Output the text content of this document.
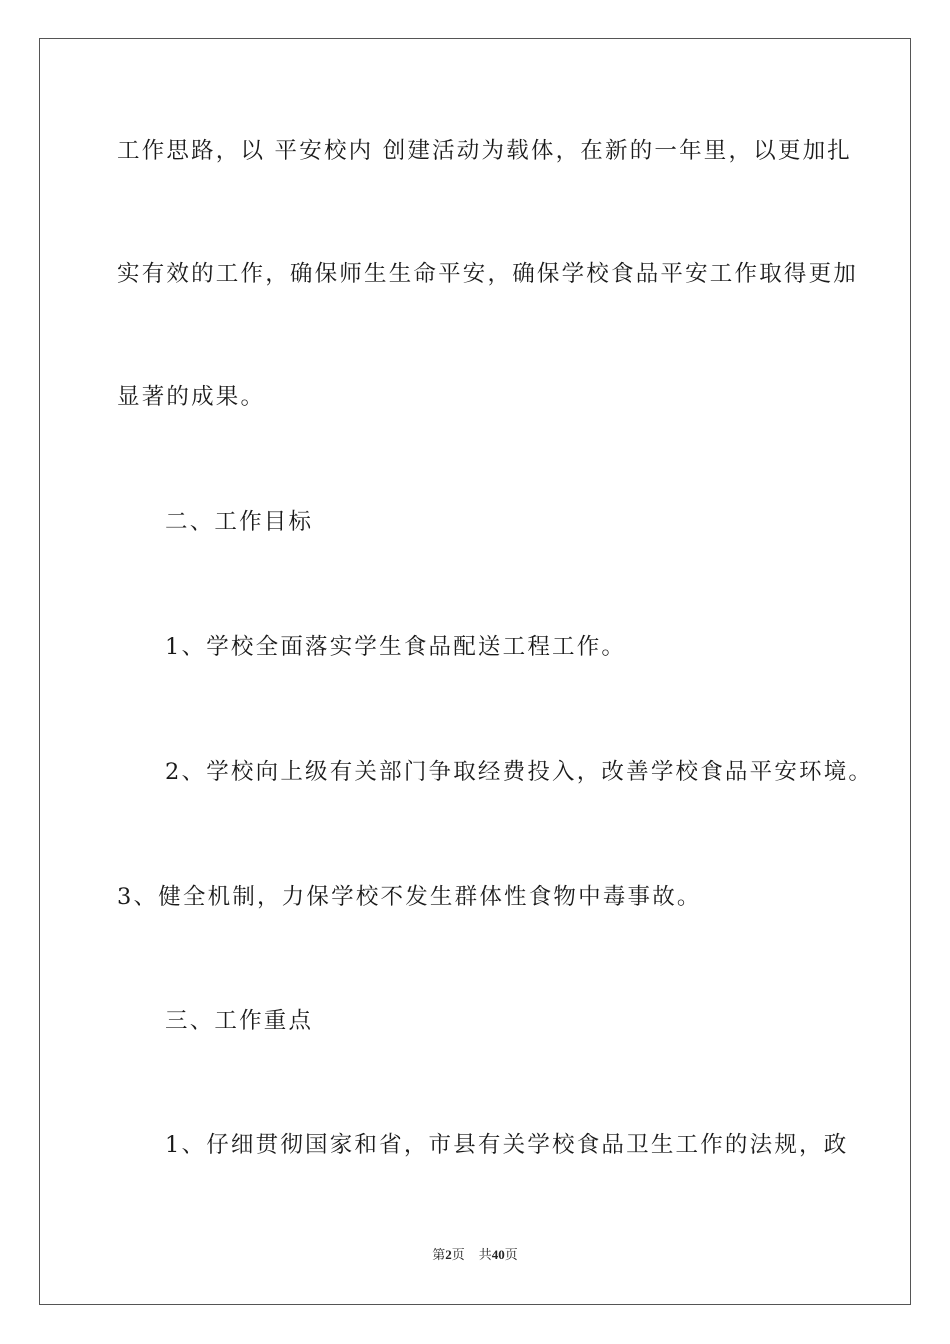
工作思路，以 平安校内 创建活动为载体，在新的一年里，以更加扎
实有效的工作，确保师生生命平安，确保学校食品平安工作取得更加
显著的成果。
二、工作目标
1、学校全面落实学生食品配送工程工作。
2、学校向上级有关部门争取经费投入，改善学校食品平安环境。
3、健全机制，力保学校不发生群体性食物中毒事故。
三、工作重点
1、仔细贯彻国家和省，市县有关学校食品卫生工作的法规，政
第2页 共40页
